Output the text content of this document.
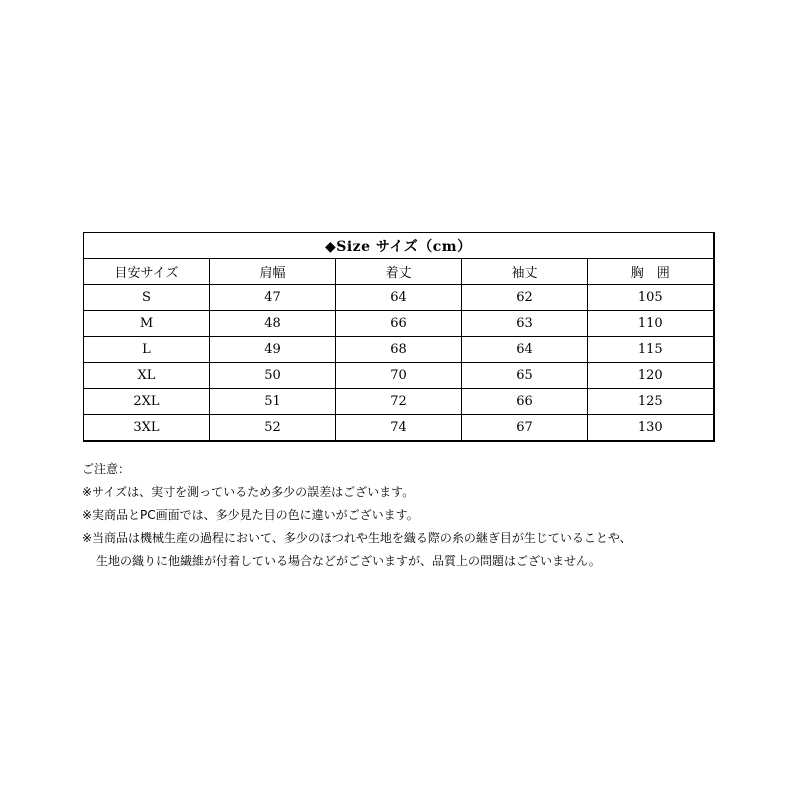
◆Size サイズ（cm）				
目安サイズ	肩幅	着丈	袖丈	胸　囲
S	47	64	62	105
M	48	66	63	110
L	49	68	64	115
XL	50	70	65	120
2XL	51	72	66	125
3XL	52	74	67	130

ご注意：

※サイズは、実寸を測っているため多少の誤差はございます。

※実商品とPC画面では、多少見た目の色に違いがございます。

※当商品は機械生産の過程において、多少のほつれや生地を織る際の糸の継ぎ目が生じていることや、

生地の織りに他繊維が付着している場合などがございますが、品質上の問題はございません。
